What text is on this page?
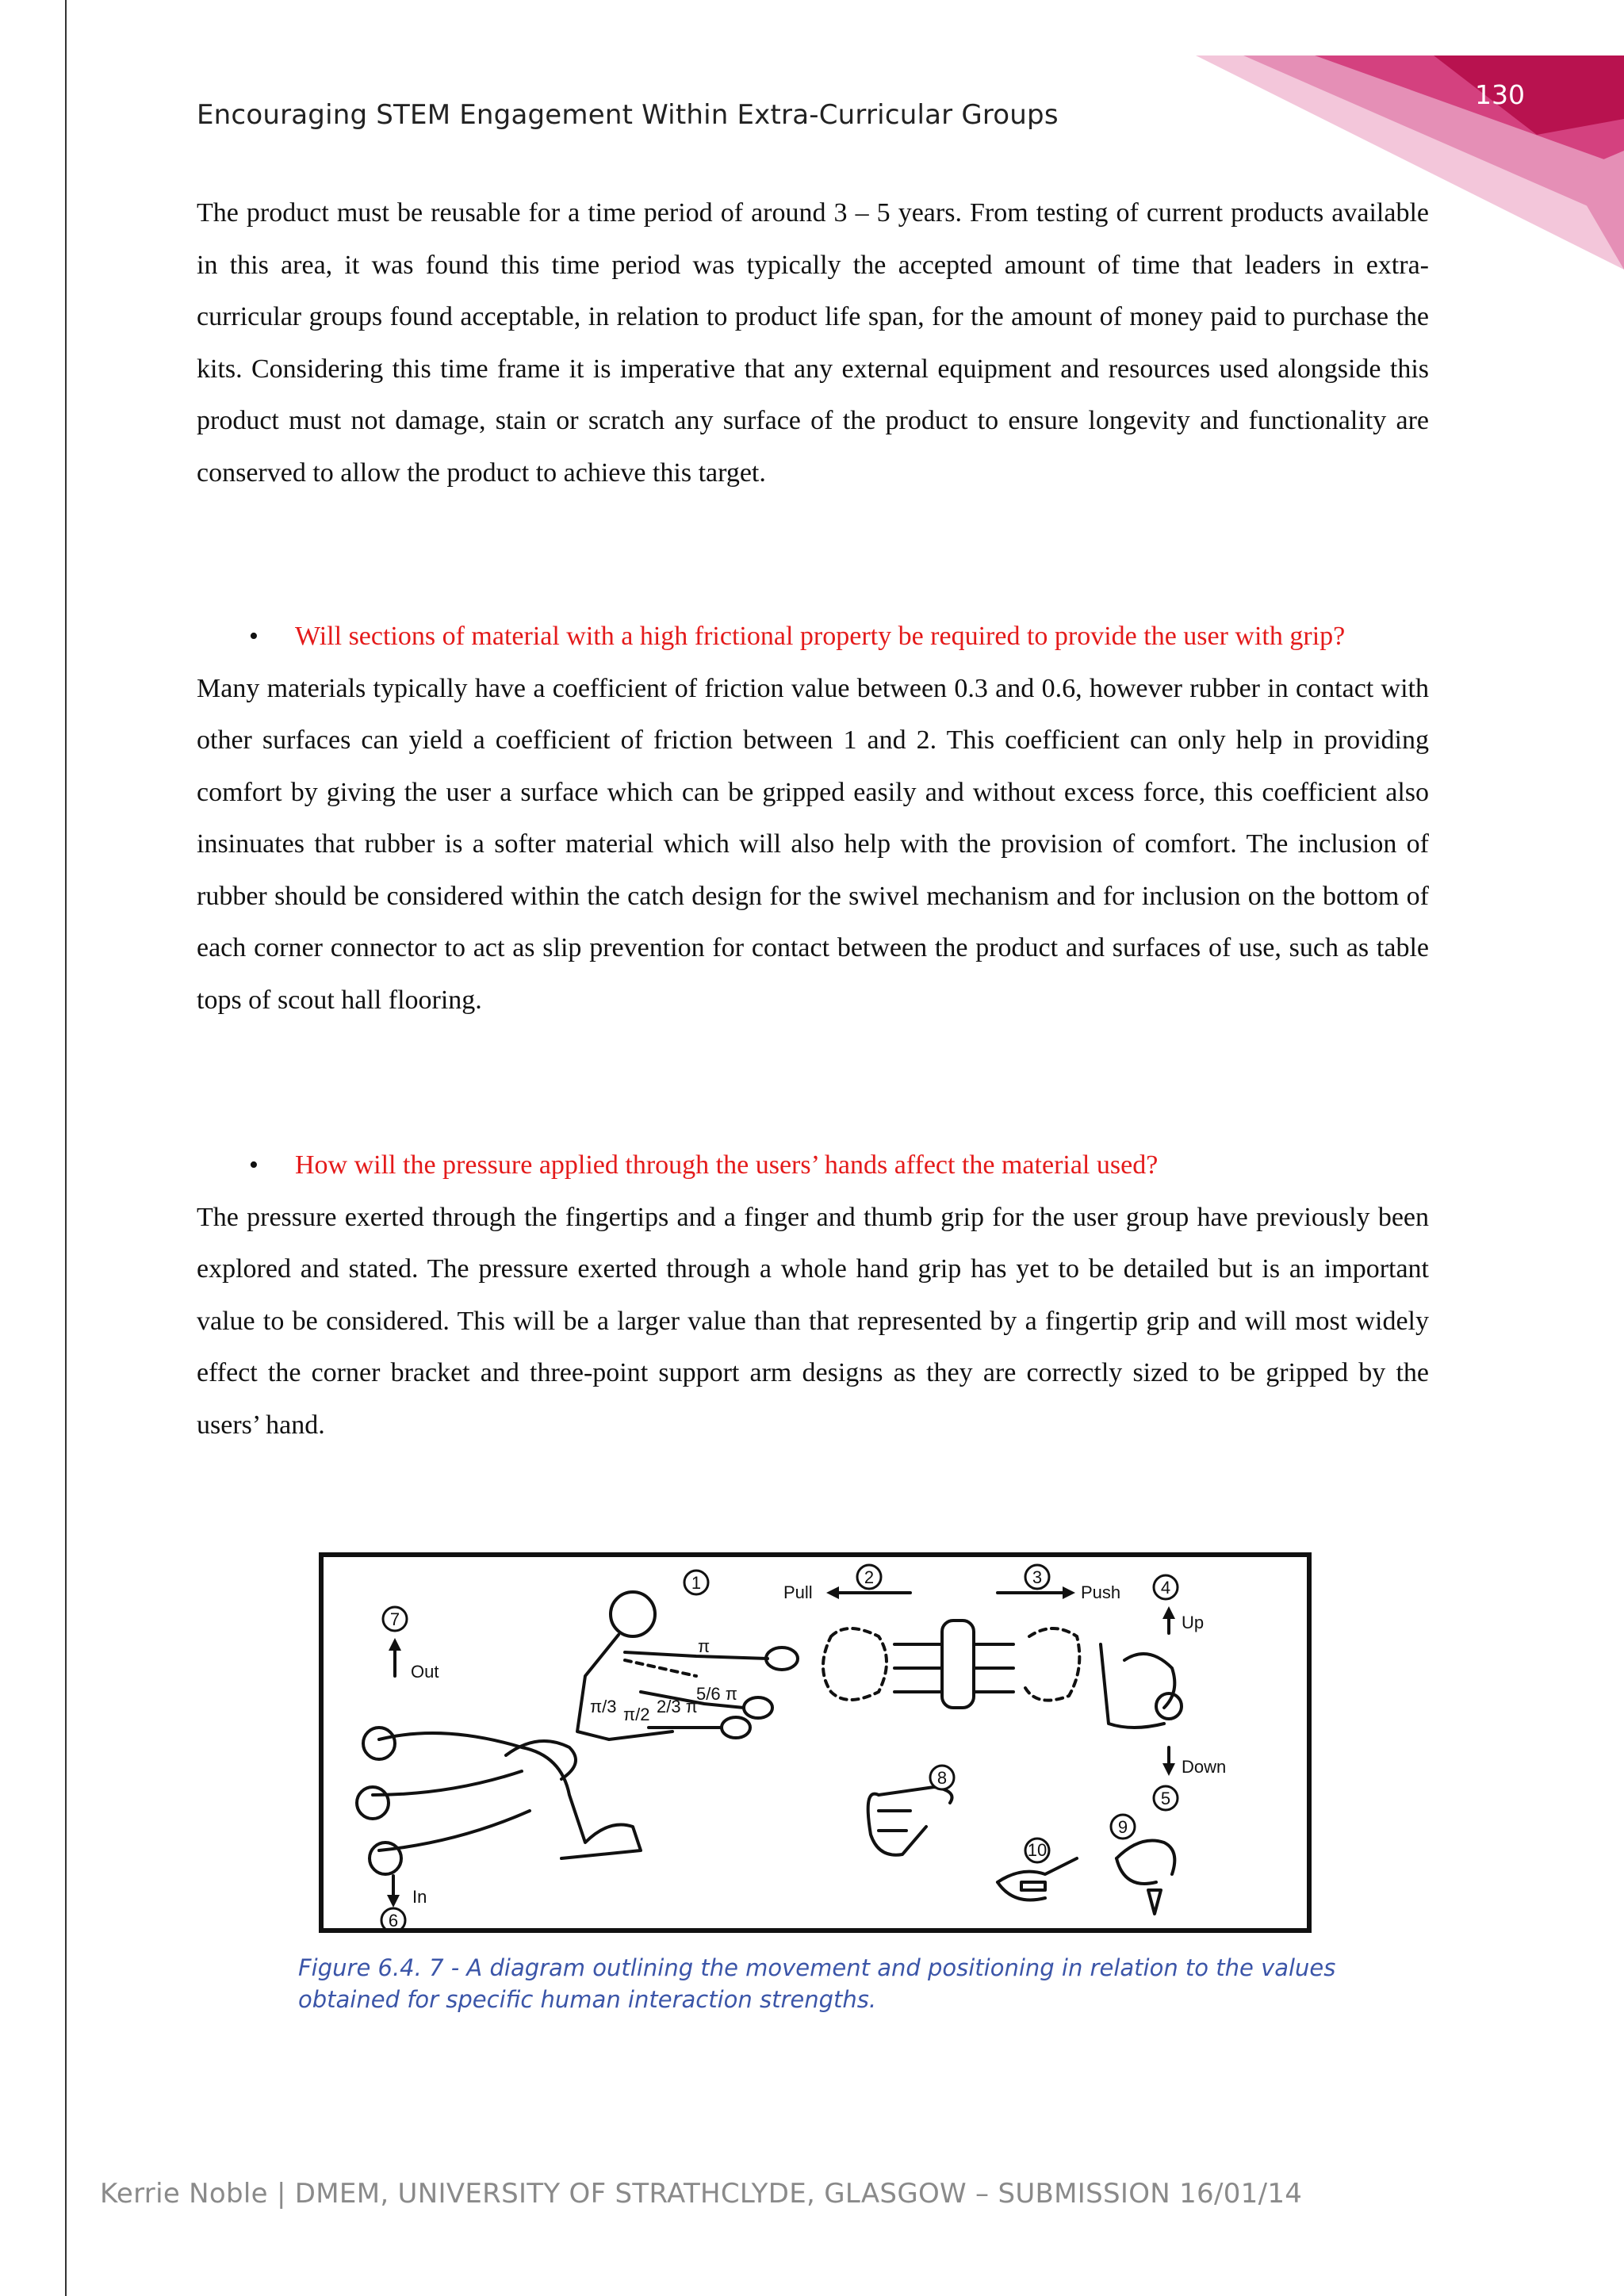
130
Encouraging STEM Engagement Within Extra-Curricular Groups

The product must be reusable for a time period of around 3 – 5 years. From testing of current products available in this area, it was found this time period was typically the accepted amount of time that leaders in extra-curricular groups found acceptable, in relation to product life span, for the amount of money paid to purchase the kits. Considering this time frame it is imperative that any external equipment and resources used alongside this product must not damage, stain or scratch any surface of the product to ensure longevity and functionality are conserved to allow the product to achieve this target.

• Will sections of material with a high frictional property be required to provide the user with grip?

Many materials typically have a coefficient of friction value between 0.3 and 0.6, however rubber in contact with other surfaces can yield a coefficient of friction between 1 and 2. This coefficient can only help in providing comfort by giving the user a surface which can be gripped easily and without excess force, this coefficient also insinuates that rubber is a softer material which will also help with the provision of comfort. The inclusion of rubber should be considered within the catch design for the swivel mechanism and for inclusion on the bottom of each corner connector to act as slip prevention for contact between the product and surfaces of use, such as table tops of scout hall flooring.

• How will the pressure applied through the users’ hands affect the material used?

The pressure exerted through the fingertips and a finger and thumb grip for the user group have previously been explored and stated. The pressure exerted through a whole hand grip has yet to be detailed but is an important value to be considered. This will be a larger value than that represented by a fingertip grip and will most widely effect the corner bracket and three-point support arm designs as they are correctly sized to be gripped by the users’ hand.

π
π/3 π/2 2/3 π
5/6 π
1
Out
7
In
6
Pull
2
Push
3
4
Up
Down
5
8
10
9
Figure 6.4. 7 - A diagram outlining the movement and positioning in relation to the values obtained for specific human interaction strengths.
Kerrie Noble | DMEM, UNIVERSITY OF STRATHCLYDE, GLASGOW – SUBMISSION 16/01/14
